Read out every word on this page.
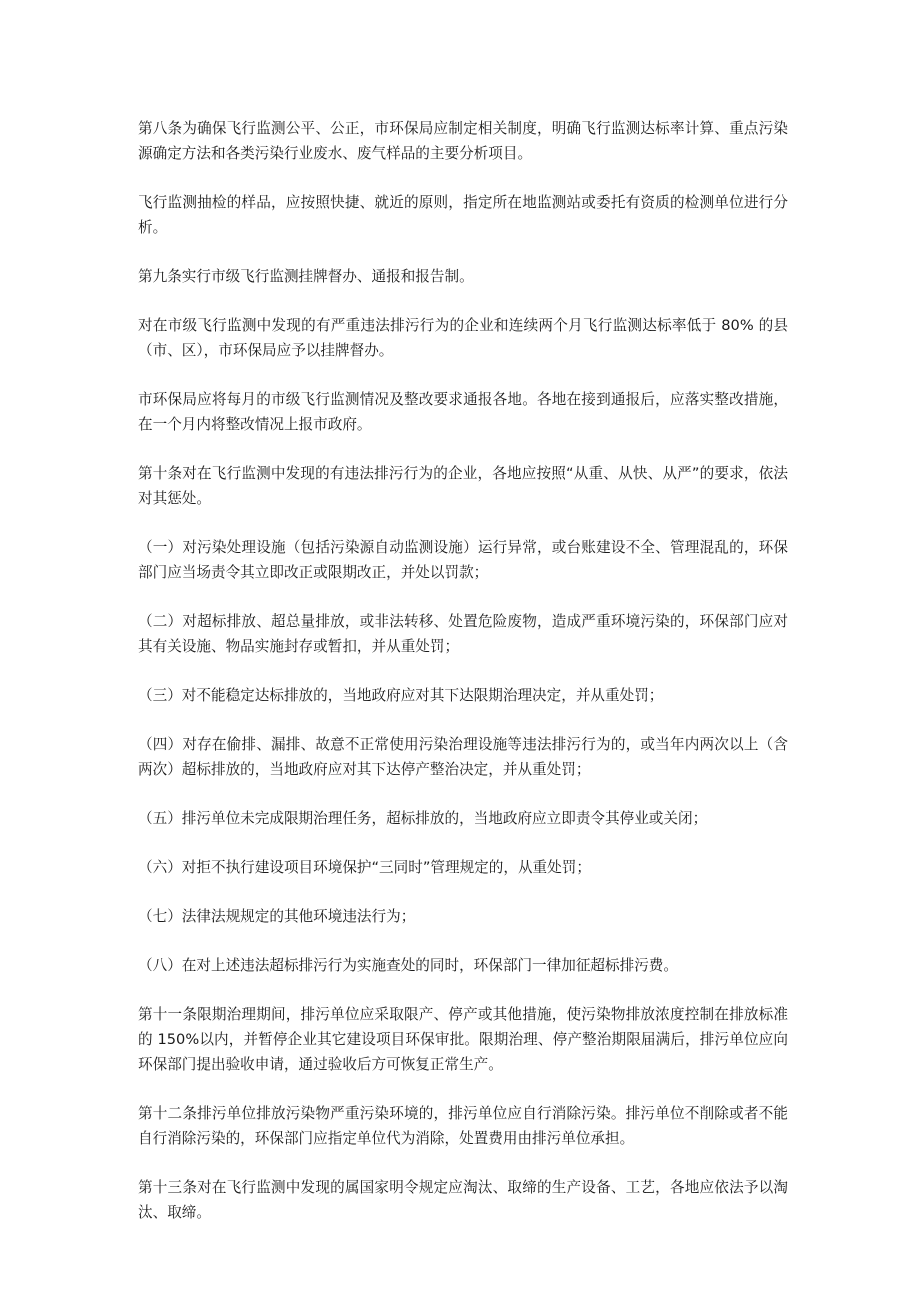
第八条为确保飞行监测公平、公正，市环保局应制定相关制度，明确飞行监测达标率计算、重点污染源确定方法和各类污染行业废水、废气样品的主要分析项目。

飞行监测抽检的样品，应按照快捷、就近的原则，指定所在地监测站或委托有资质的检测单位进行分析。

第九条实行市级飞行监测挂牌督办、通报和报告制。

对在市级飞行监测中发现的有严重违法排污行为的企业和连续两个月飞行监测达标率低于 80% 的县（市、区），市环保局应予以挂牌督办。

市环保局应将每月的市级飞行监测情况及整改要求通报各地。各地在接到通报后，应落实整改措施，在一个月内将整改情况上报市政府。

第十条对在飞行监测中发现的有违法排污行为的企业，各地应按照“从重、从快、从严”的要求，依法对其惩处。

（一）对污染处理设施（包括污染源自动监测设施）运行异常，或台账建设不全、管理混乱的，环保部门应当场责令其立即改正或限期改正，并处以罚款；

（二）对超标排放、超总量排放，或非法转移、处置危险废物，造成严重环境污染的，环保部门应对其有关设施、物品实施封存或暂扣，并从重处罚；

（三）对不能稳定达标排放的，当地政府应对其下达限期治理决定，并从重处罚；

（四）对存在偷排、漏排、故意不正常使用污染治理设施等违法排污行为的，或当年内两次以上（含两次）超标排放的，当地政府应对其下达停产整治决定，并从重处罚；

（五）排污单位未完成限期治理任务，超标排放的，当地政府应立即责令其停业或关闭；

（六）对拒不执行建设项目环境保护“三同时”管理规定的，从重处罚；

（七）法律法规规定的其他环境违法行为；

（八）在对上述违法超标排污行为实施查处的同时，环保部门一律加征超标排污费。

第十一条限期治理期间，排污单位应采取限产、停产或其他措施，使污染物排放浓度控制在排放标准的 150%以内，并暂停企业其它建设项目环保审批。限期治理、停产整治期限届满后，排污单位应向环保部门提出验收申请，通过验收后方可恢复正常生产。

第十二条排污单位排放污染物严重污染环境的，排污单位应自行消除污染。排污单位不削除或者不能自行消除污染的，环保部门应指定单位代为消除，处置费用由排污单位承担。

第十三条对在飞行监测中发现的属国家明令规定应淘汰、取缔的生产设备、工艺，各地应依法予以淘汰、取缔。
